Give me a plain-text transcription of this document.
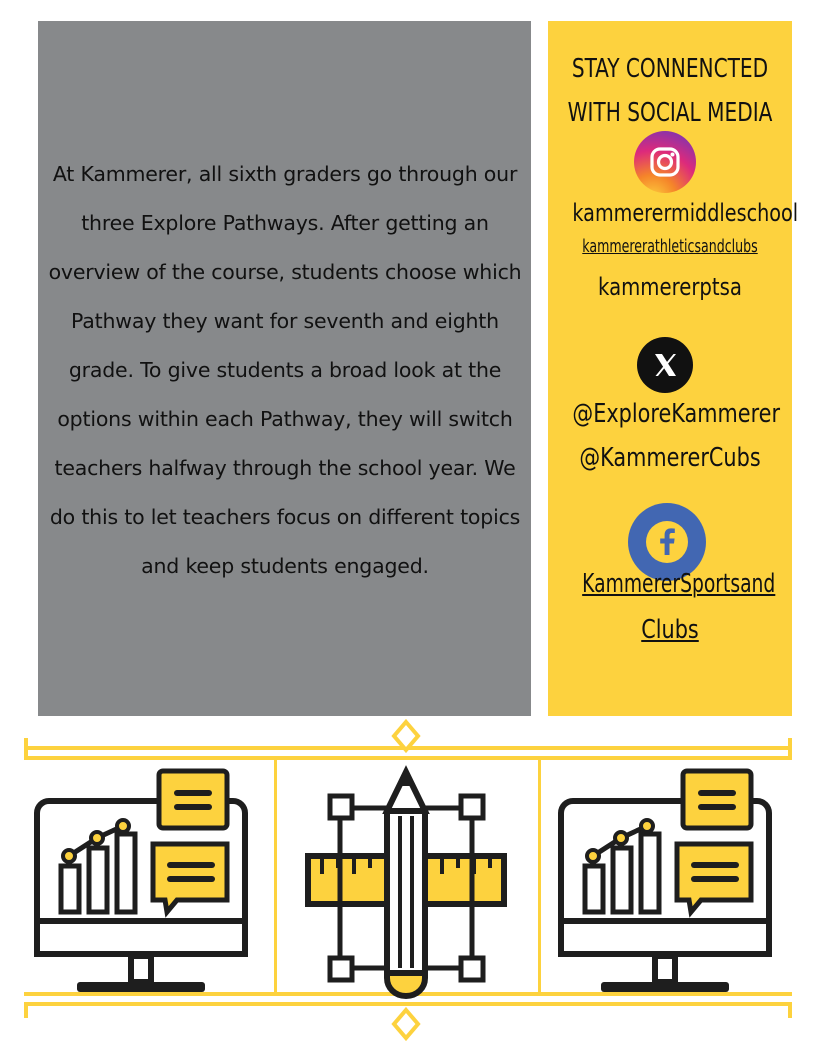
At Kammerer, all sixth graders go through our three Explore Pathways. After getting an overview of the course, students choose which Pathway they want for seventh and eighth grade. To give students a broad look at the options within each Pathway, they will switch teachers halfway through the school year. We do this to let teachers focus on different topics and keep students engaged.

STAY CONNENCTED
WITH SOCIAL MEDIA
kammerermiddleschool
kammererathleticsandclubs
kammererptsa
@ExploreKammerer
@KammererCubs
KammererSportsand
Clubs
